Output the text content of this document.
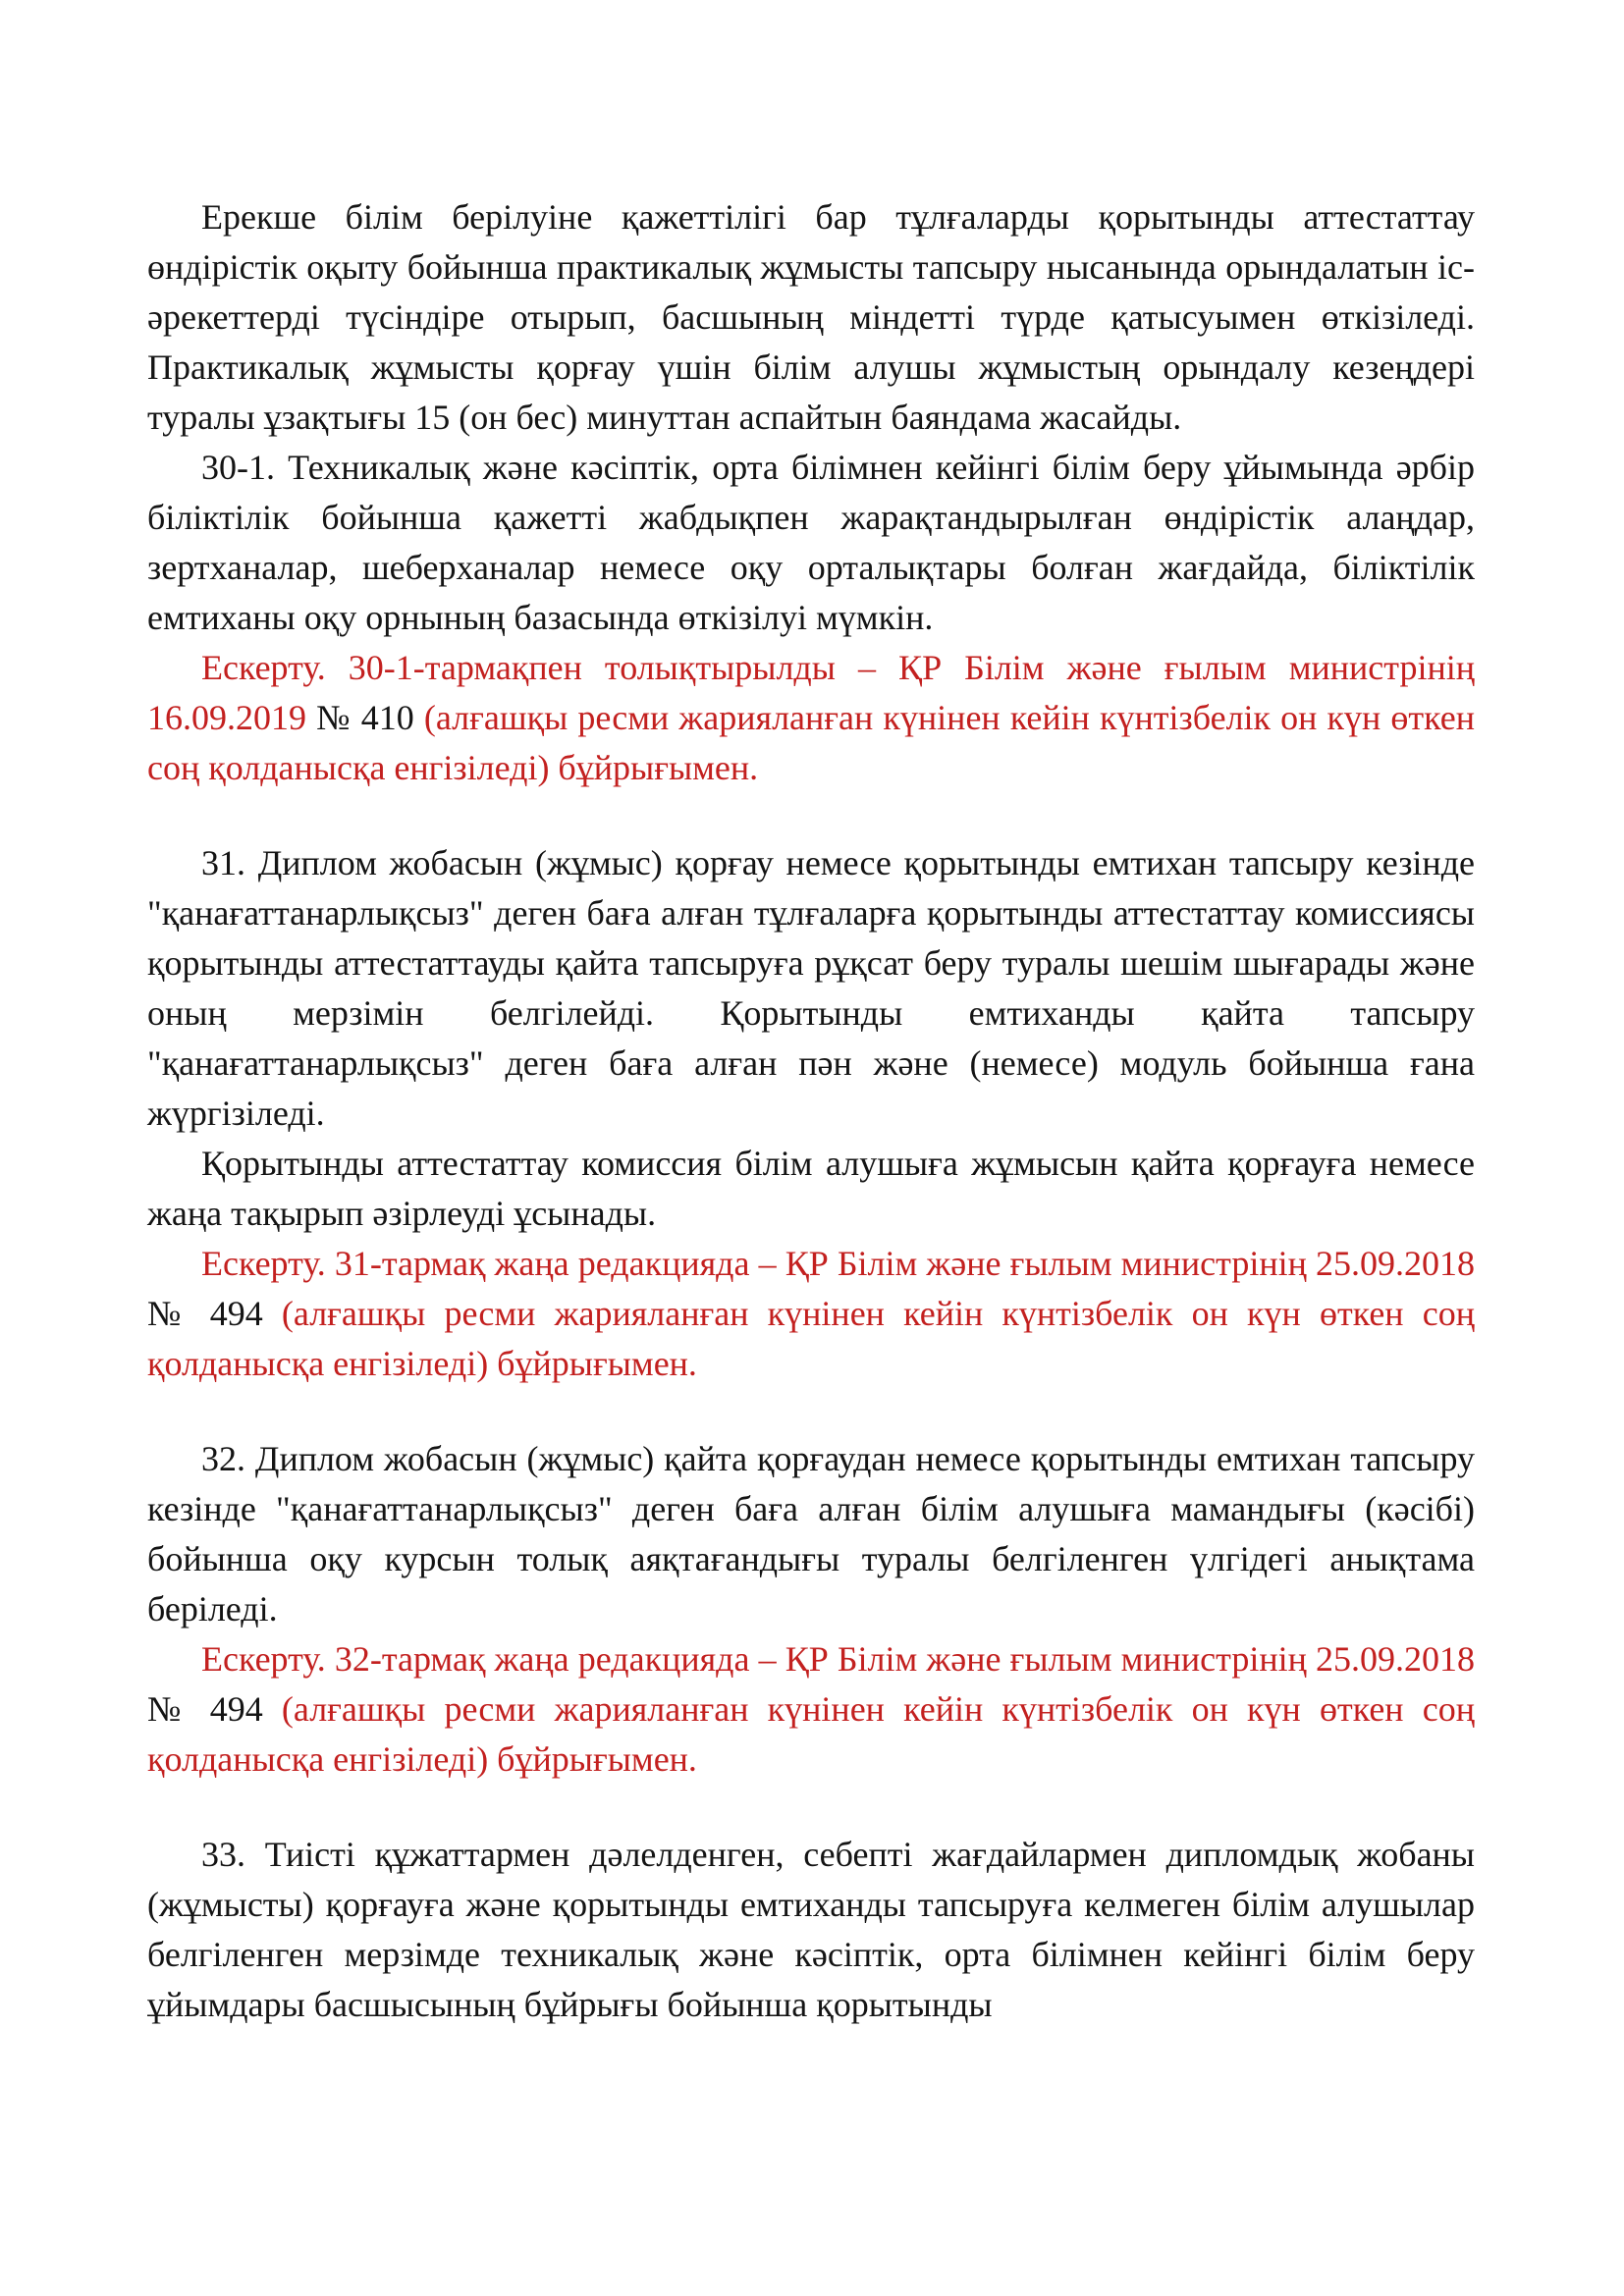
Ерекше білім берілуіне қажеттілігі бар тұлғаларды қорытынды аттестаттау өндірістік оқыту бойынша практикалық жұмысты тапсыру нысанында орындалатын іс-әрекеттерді түсіндіре отырып, басшының міндетті түрде қатысуымен өткізіледі. Практикалық жұмысты қорғау үшін білім алушы жұмыстың орындалу кезеңдері туралы ұзақтығы 15 (он бес) минуттан аспайтын баяндама жасайды.

30-1. Техникалық және кәсіптік, орта білімнен кейінгі білім беру ұйымында әрбір біліктілік бойынша қажетті жабдықпен жарақтандырылған өндірістік алаңдар, зертханалар, шеберханалар немесе оқу орталықтары болған жағдайда, біліктілік емтиханы оқу орнының базасында өткізілуі мүмкін.

Ескерту. 30-1-тармақпен толықтырылды – ҚР Білім және ғылым министрінің 16.09.2019 № 410 (алғашқы ресми жарияланған күнінен кейін күнтізбелік он күн өткен соң қолданысқа енгізіледі) бұйрығымен.

31. Диплом жобасын (жұмыс) қорғау немесе қорытынды емтихан тапсыру кезінде "қанағаттанарлықсыз" деген баға алған тұлғаларға қорытынды аттестаттау комиссиясы қорытынды аттестаттауды қайта тапсыруға рұқсат беру туралы шешім шығарады және оның мерзімін белгілейді. Қорытынды емтиханды қайта тапсыру "қанағаттанарлықсыз" деген баға алған пән және (немесе) модуль бойынша ғана жүргізіледі.

Қорытынды аттестаттау комиссия білім алушыға жұмысын қайта қорғауға немесе жаңа тақырып әзірлеуді ұсынады.

Ескерту. 31-тармақ жаңа редакцияда – ҚР Білім және ғылым министрінің 25.09.2018 № 494 (алғашқы ресми жарияланған күнінен кейін күнтізбелік он күн өткен соң қолданысқа енгізіледі) бұйрығымен.

32. Диплом жобасын (жұмыс) қайта қорғаудан немесе қорытынды емтихан тапсыру кезінде "қанағаттанарлықсыз" деген баға алған білім алушыға мамандығы (кәсібі) бойынша оқу курсын толық аяқтағандығы туралы белгіленген үлгідегі анықтама беріледі.

Ескерту. 32-тармақ жаңа редакцияда – ҚР Білім және ғылым министрінің 25.09.2018 № 494 (алғашқы ресми жарияланған күнінен кейін күнтізбелік он күн өткен соң қолданысқа енгізіледі) бұйрығымен.

33. Тиісті құжаттармен дәлелденген, себепті жағдайлармен дипломдық жобаны (жұмысты) қорғауға және қорытынды емтиханды тапсыруға келмеген білім алушылар белгіленген мерзімде техникалық және кәсіптік, орта білімнен кейінгі білім беру ұйымдары басшысының бұйрығы бойынша қорытынды
